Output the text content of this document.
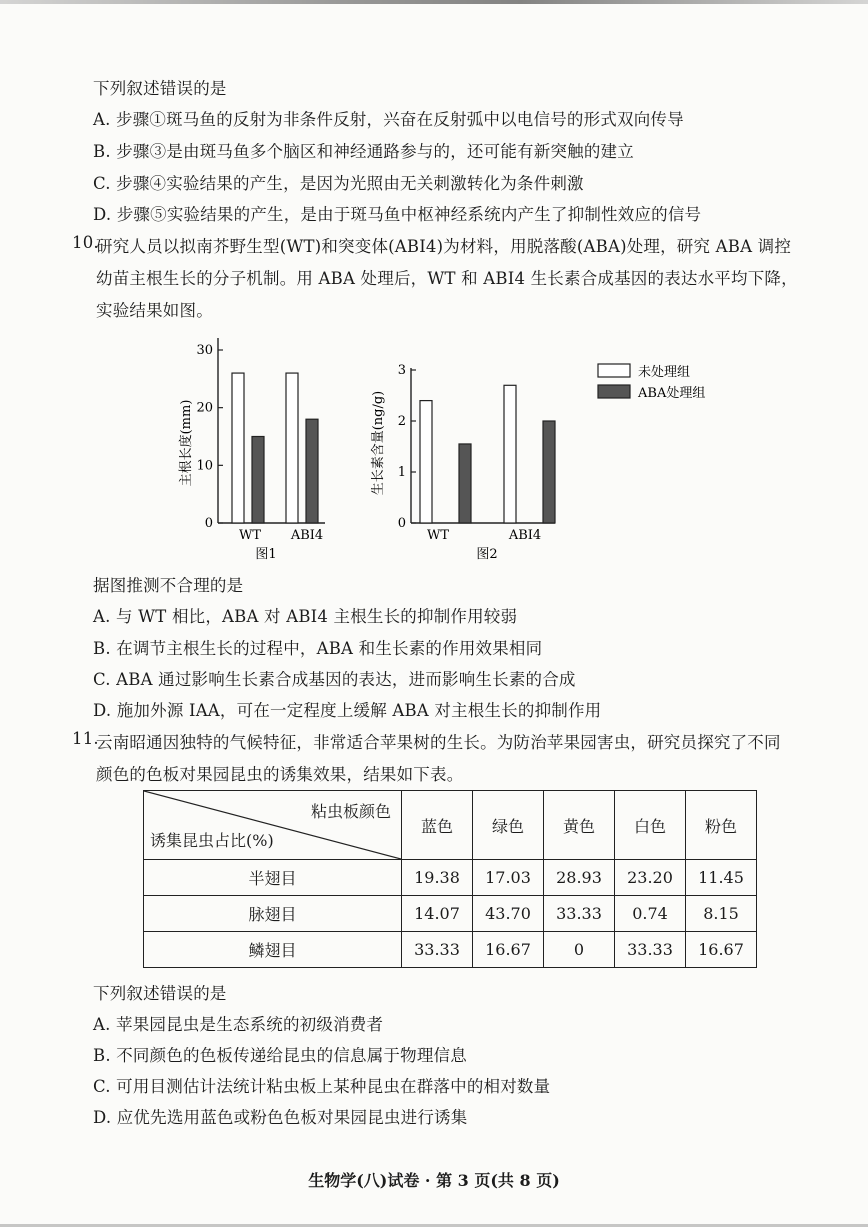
下列叙述错误的是
A. 步骤①斑马鱼的反射为非条件反射，兴奋在反射弧中以电信号的形式双向传导
B. 步骤③是由斑马鱼多个脑区和神经通路参与的，还可能有新突触的建立
C. 步骤④实验结果的产生，是因为光照由无关刺激转化为条件刺激
D. 步骤⑤实验结果的产生，是由于斑马鱼中枢神经系统内产生了抑制性效应的信号
10.
研究人员以拟南芥野生型(WT)和突变体(ABI4)为材料，用脱落酸(ABA)处理，研究 ABA 调控
幼苗主根生长的分子机制。用 ABA 处理后，WT 和 ABI4 生长素合成基因的表达水平均下降，
实验结果如图。
主根长度(mm)
WT ABI4
图1
0
10
20
30
生长素含量(ng/g)
WT	ABI4
图2
0
1
2
3	未处理组
ABA处理组
据图推测不合理的是
A. 与 WT 相比，ABA 对 ABI4 主根生长的抑制作用较弱
B. 在调节主根生长的过程中，ABA 和生长素的作用效果相同
C. ABA 通过影响生长素合成基因的表达，进而影响生长素的合成
D. 施加外源 IAA，可在一定程度上缓解 ABA 对主根生长的抑制作用
11.
云南昭通因独特的气候特征，非常适合苹果树的生长。为防治苹果园害虫，研究员探究了不同
颜色的色板对果园昆虫的诱集效果，结果如下表。
粘虫板颜色
诱集昆虫占比(%)	蓝色	绿色	黄色	白色	粉色
半翅目	19.38	17.03	28.93	23.20	11.45
脉翅目	14.07	43.70	33.33	0.74	8.15
鳞翅目	33.33	16.67	0	33.33	16.67
下列叙述错误的是
A. 苹果园昆虫是生态系统的初级消费者
B. 不同颜色的色板传递给昆虫的信息属于物理信息
C. 可用目测估计法统计粘虫板上某种昆虫在群落中的相对数量
D. 应优先选用蓝色或粉色色板对果园昆虫进行诱集
生物学(八)试卷 · 第 3 页(共 8 页)
